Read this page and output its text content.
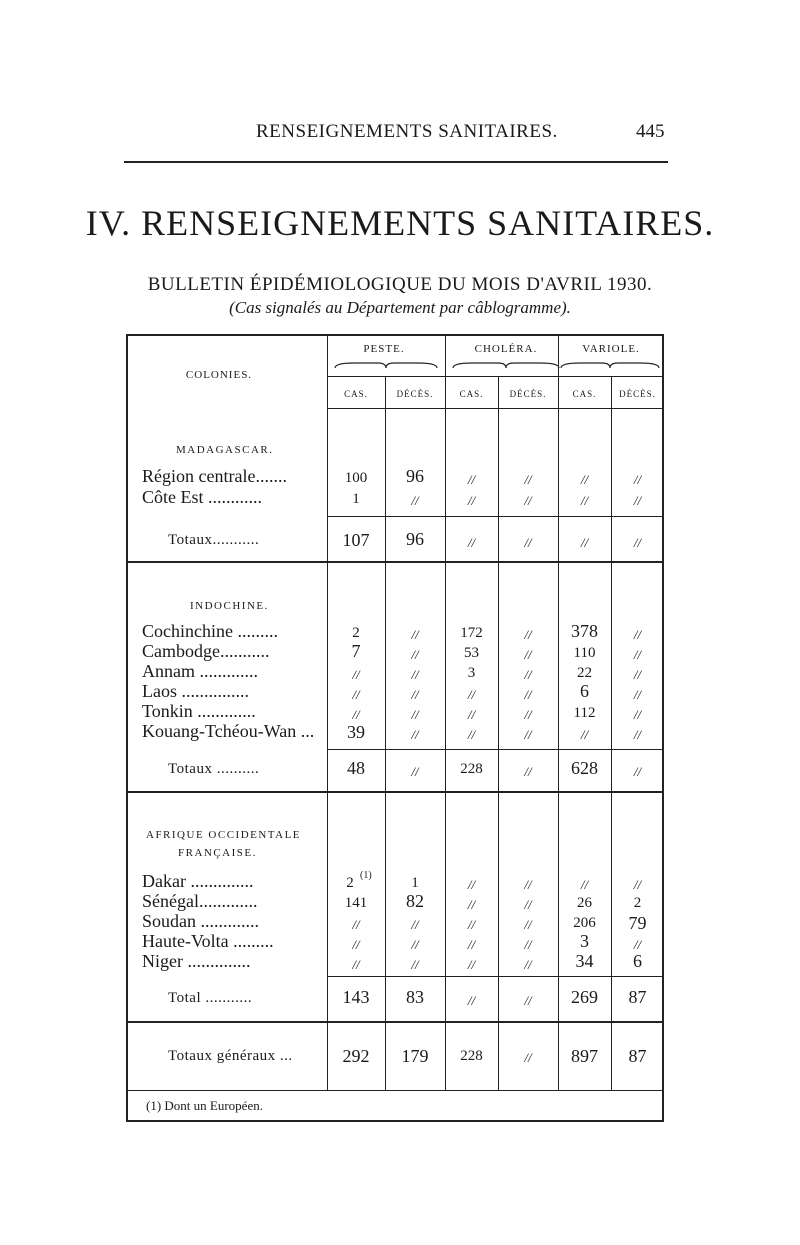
RENSEIGNEMENTS SANITAIRES.	445
IV. RENSEIGNEMENTS SANITAIRES.
BULLETIN ÉPIDÉMIOLOGIQUE DU MOIS D'AVRIL 1930.
(Cas signalés au Département par câblogramme).
COLONIES.
PESTE.	CHOLÉRA.	VARIOLE.
CAS.	DÉCÈS.	CAS.	DÉCÈS.	CAS.	DÉCÈS.
MADAGASCAR.
Région centrale.......	100	96	//	//	//	//
Côte Est ............	1	//	//	//	//	//
Totaux...........	107	96	//	//	//	//
INDOCHINE.
Cochinchine .........	2	//	172	//	378	//
Cambodge...........	7	//	53	//	110	//
Annam .............	//	//	3	//	22	//
Laos ...............	//	//	//	//	6	//
Tonkin .............	//	//	//	//	112	//
Kouang-Tchéou-Wan ...	39	//	//	//	//	//
Totaux ..........	48	//	228	//	628	//
AFRIQUE OCCIDENTALE
FRANÇAISE.
Dakar ..............	2 (1)	1	//	//	//	//
Sénégal.............	141	82	//	//	26	2
Soudan .............	//	//	//	//	206	79
Haute-Volta .........	//	//	//	//	3	//
Niger ..............	//	//	//	//	34	6
Total ...........	143	83	//	//	269	87
Totaux généraux ...	292	179	228	//	897	87
(1) Dont un Européen.
